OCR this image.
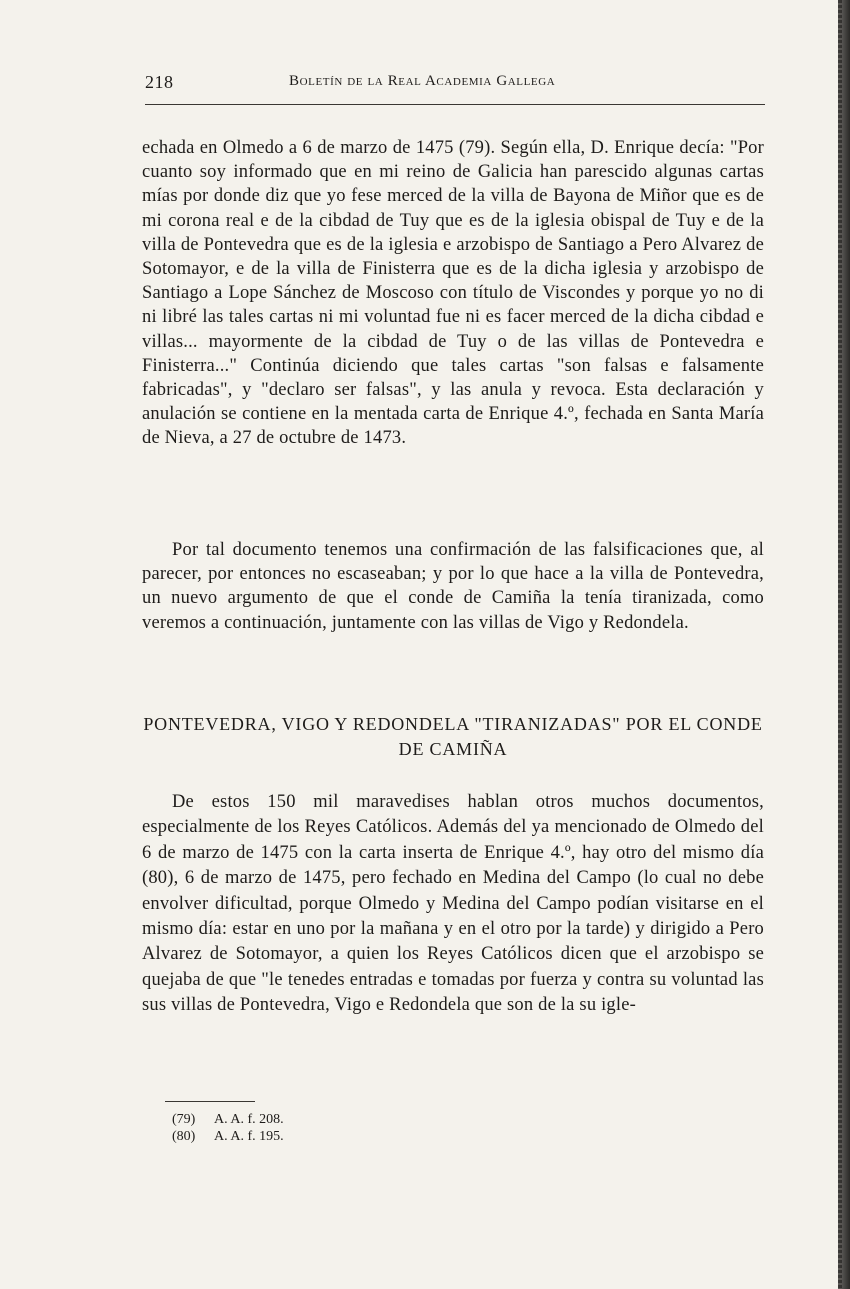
218	Boletín de la Real Academia Gallega

echada en Olmedo a 6 de marzo de 1475 (79). Según ella, D. Enrique decía: "Por cuanto soy informado que en mi reino de Galicia han parescido algunas cartas mías por donde diz que yo fese merced de la villa de Bayona de Miñor que es de mi corona real e de la cibdad de Tuy que es de la iglesia obispal de Tuy e de la villa de Pontevedra que es de la iglesia e arzobispo de Santiago a Pero Alvarez de Sotomayor, e de la villa de Finisterra que es de la dicha iglesia y arzobispo de Santiago a Lope Sánchez de Moscoso con título de Viscondes y porque yo no di ni libré las tales cartas ni mi voluntad fue ni es facer merced de la dicha cibdad e villas... mayormente de la cibdad de Tuy o de las villas de Pontevedra e Finisterra..." Continúa diciendo que tales cartas "son falsas e falsamente fabricadas", y "declaro ser falsas", y las anula y revoca. Esta declaración y anulación se contiene en la mentada carta de Enrique 4.º, fechada en Santa María de Nieva, a 27 de octubre de 1473.

Por tal documento tenemos una confirmación de las falsificaciones que, al parecer, por entonces no escaseaban; y por lo que hace a la villa de Pontevedra, un nuevo argumento de que el conde de Camiña la tenía tiranizada, como veremos a continuación, juntamente con las villas de Vigo y Redondela.

PONTEVEDRA, VIGO Y REDONDELA "TIRANIZADAS" POR EL CONDE DE CAMIÑA

De estos 150 mil maravedises hablan otros muchos documentos, especialmente de los Reyes Católicos. Además del ya mencionado de Olmedo del 6 de marzo de 1475 con la carta inserta de Enrique 4.º, hay otro del mismo día (80), 6 de marzo de 1475, pero fechado en Medina del Campo (lo cual no debe envolver dificultad, porque Olmedo y Medina del Campo podían visitarse en el mismo día: estar en uno por la mañana y en el otro por la tarde) y dirigido a Pero Alvarez de Sotomayor, a quien los Reyes Católicos dicen que el arzobispo se quejaba de que "le tenedes entradas e tomadas por fuerza y contra su voluntad las sus villas de Pontevedra, Vigo e Redondela que son de la su igle-

(79) A. A. f. 208.
(80) A. A. f. 195.
